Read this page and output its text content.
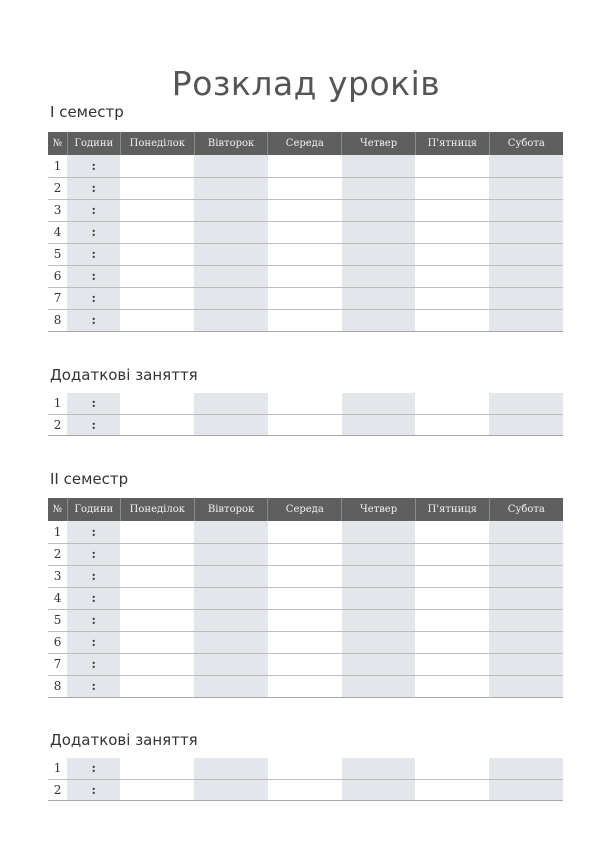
Розклад уроків
І семестр
№	Години	Понеділок	Вівторок	Середа	Четвер	П'ятниця	Субота
1	:						
2	:						
3	:						
4	:						
5	:						
6	:						
7	:						
8	:						
Додаткові заняття
1	:						
2	:						
ІІ семестр
№	Години	Понеділок	Вівторок	Середа	Четвер	П'ятниця	Субота
1	:						
2	:						
3	:						
4	:						
5	:						
6	:						
7	:						
8	:						
Додаткові заняття
1	:						
2	:						
